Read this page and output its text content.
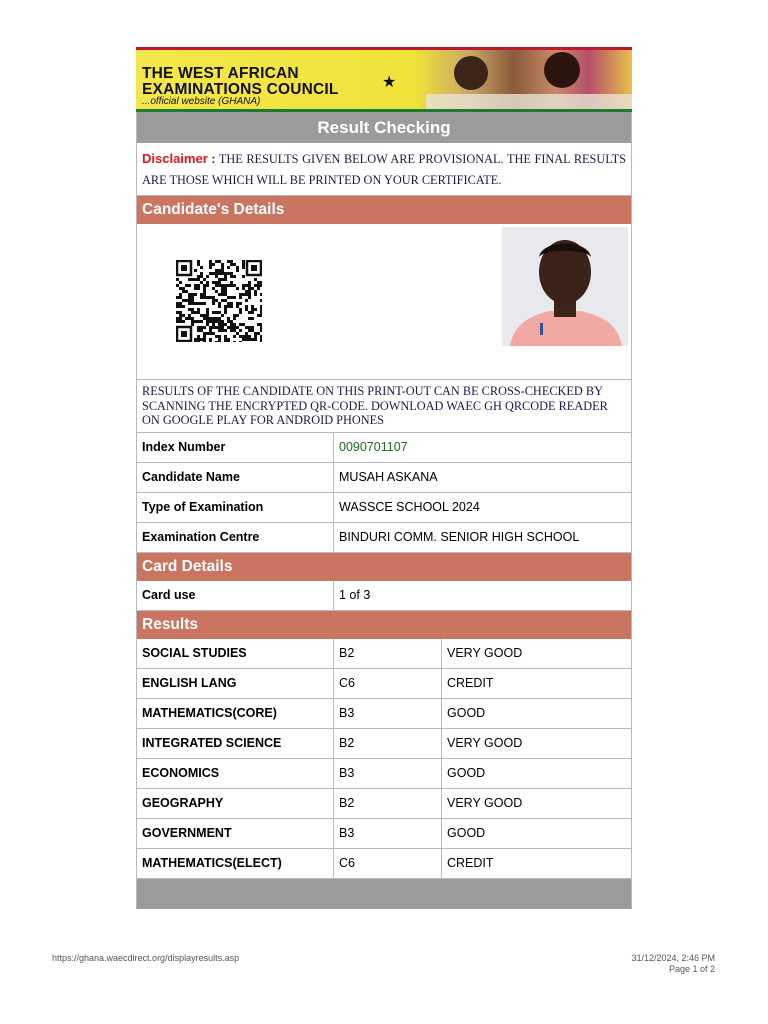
THE WEST AFRICAN
EXAMINATIONS COUNCIL
...official website (GHANA)
★
Result Checking
Disclaimer : THE RESULTS GIVEN BELOW ARE PROVISIONAL. THE FINAL RESULTS ARE THOSE WHICH WILL BE PRINTED ON YOUR CERTIFICATE.
Candidate's Details
RESULTS OF THE CANDIDATE ON THIS PRINT-OUT CAN BE CROSS-CHECKED BY SCANNING THE ENCRYPTED QR-CODE. DOWNLOAD WAEC GH QRCODE READER ON GOOGLE PLAY FOR ANDROID PHONES
Index Number	0090701107
Candidate Name	MUSAH ASKANA
Type of Examination	WASSCE SCHOOL 2024
Examination Centre	BINDURI COMM. SENIOR HIGH SCHOOL
Card Details
Card use	1 of 3
Results
SOCIAL STUDIES	B2	VERY GOOD
ENGLISH LANG	C6	CREDIT
MATHEMATICS(CORE)	B3	GOOD
INTEGRATED SCIENCE	B2	VERY GOOD
ECONOMICS	B3	GOOD
GEOGRAPHY	B2	VERY GOOD
GOVERNMENT	B3	GOOD
MATHEMATICS(ELECT)	C6	CREDIT
https://ghana.waecdirect.org/displayresults.asp	31/12/2024, 2:46 PM
Page 1 of 2
